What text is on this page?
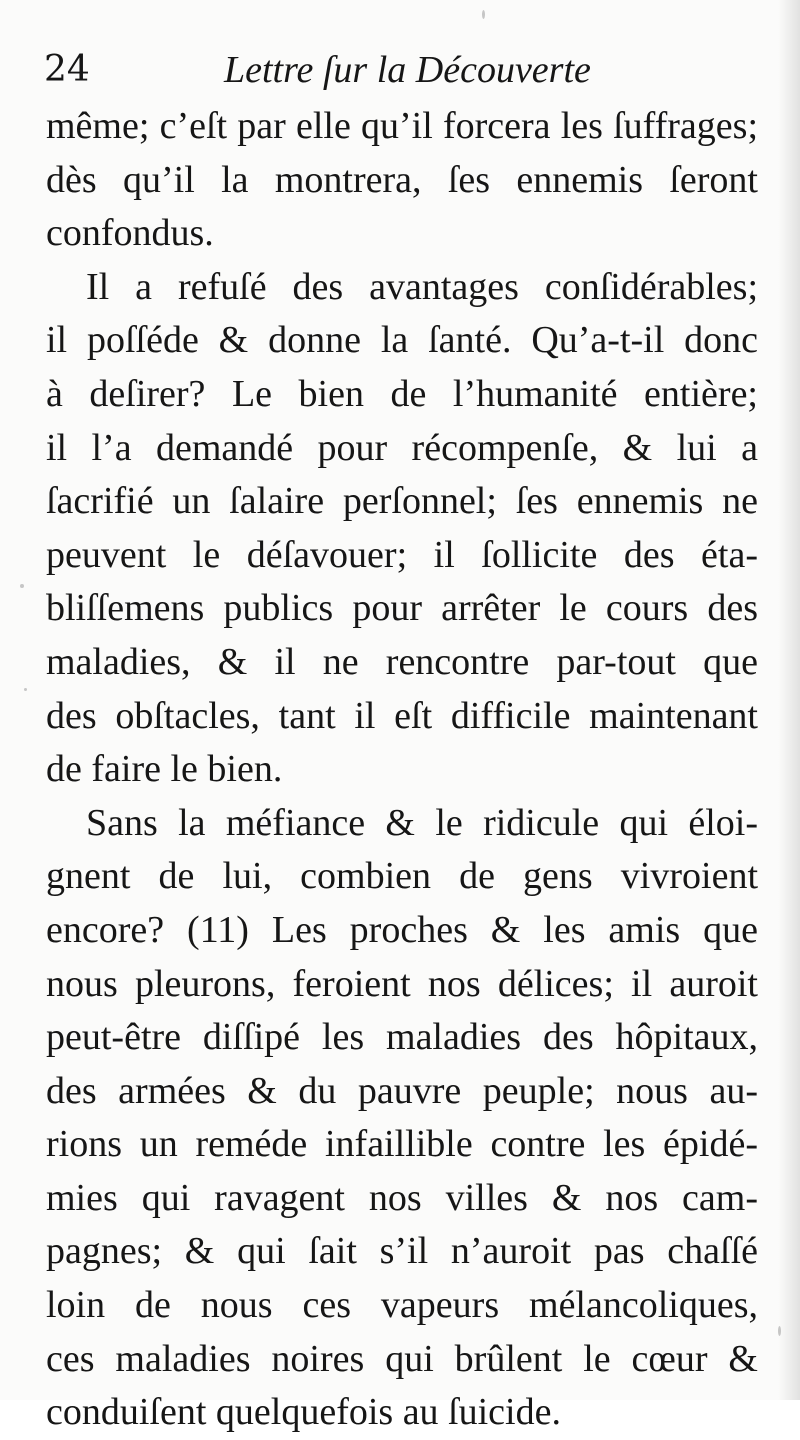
24	Lettre ſur la Découverte
même; c’eſt par elle qu’il forcera les ſuffrages;
dès qu’il la montrera, ſes ennemis ſeront
confondus.
Il a refuſé des avantages conſidérables;
il poſſéde & donne la ſanté. Qu’a-t-il donc
à deſirer? Le bien de l’humanité entière;
il l’a demandé pour récompenſe, & lui a
ſacrifié un ſalaire perſonnel; ſes ennemis ne
peuvent le déſavouer; il ſollicite des éta-
bliſſemens publics pour arrêter le cours des
maladies, & il ne rencontre par-tout que
des obſtacles, tant il eſt difficile maintenant
de faire le bien.
Sans la méfiance & le ridicule qui éloi-
gnent de lui, combien de gens vivroient
encore? (11) Les proches & les amis que
nous pleurons, feroient nos délices; il auroit
peut-être diſſipé les maladies des hôpitaux,
des armées & du pauvre peuple; nous au-
rions un reméde infaillible contre les épidé-
mies qui ravagent nos villes & nos cam-
pagnes; & qui ſait s’il n’auroit pas chaſſé
loin de nous ces vapeurs mélancoliques,
ces maladies noires qui brûlent le cœur &
conduiſent quelquefois au ſuicide.
